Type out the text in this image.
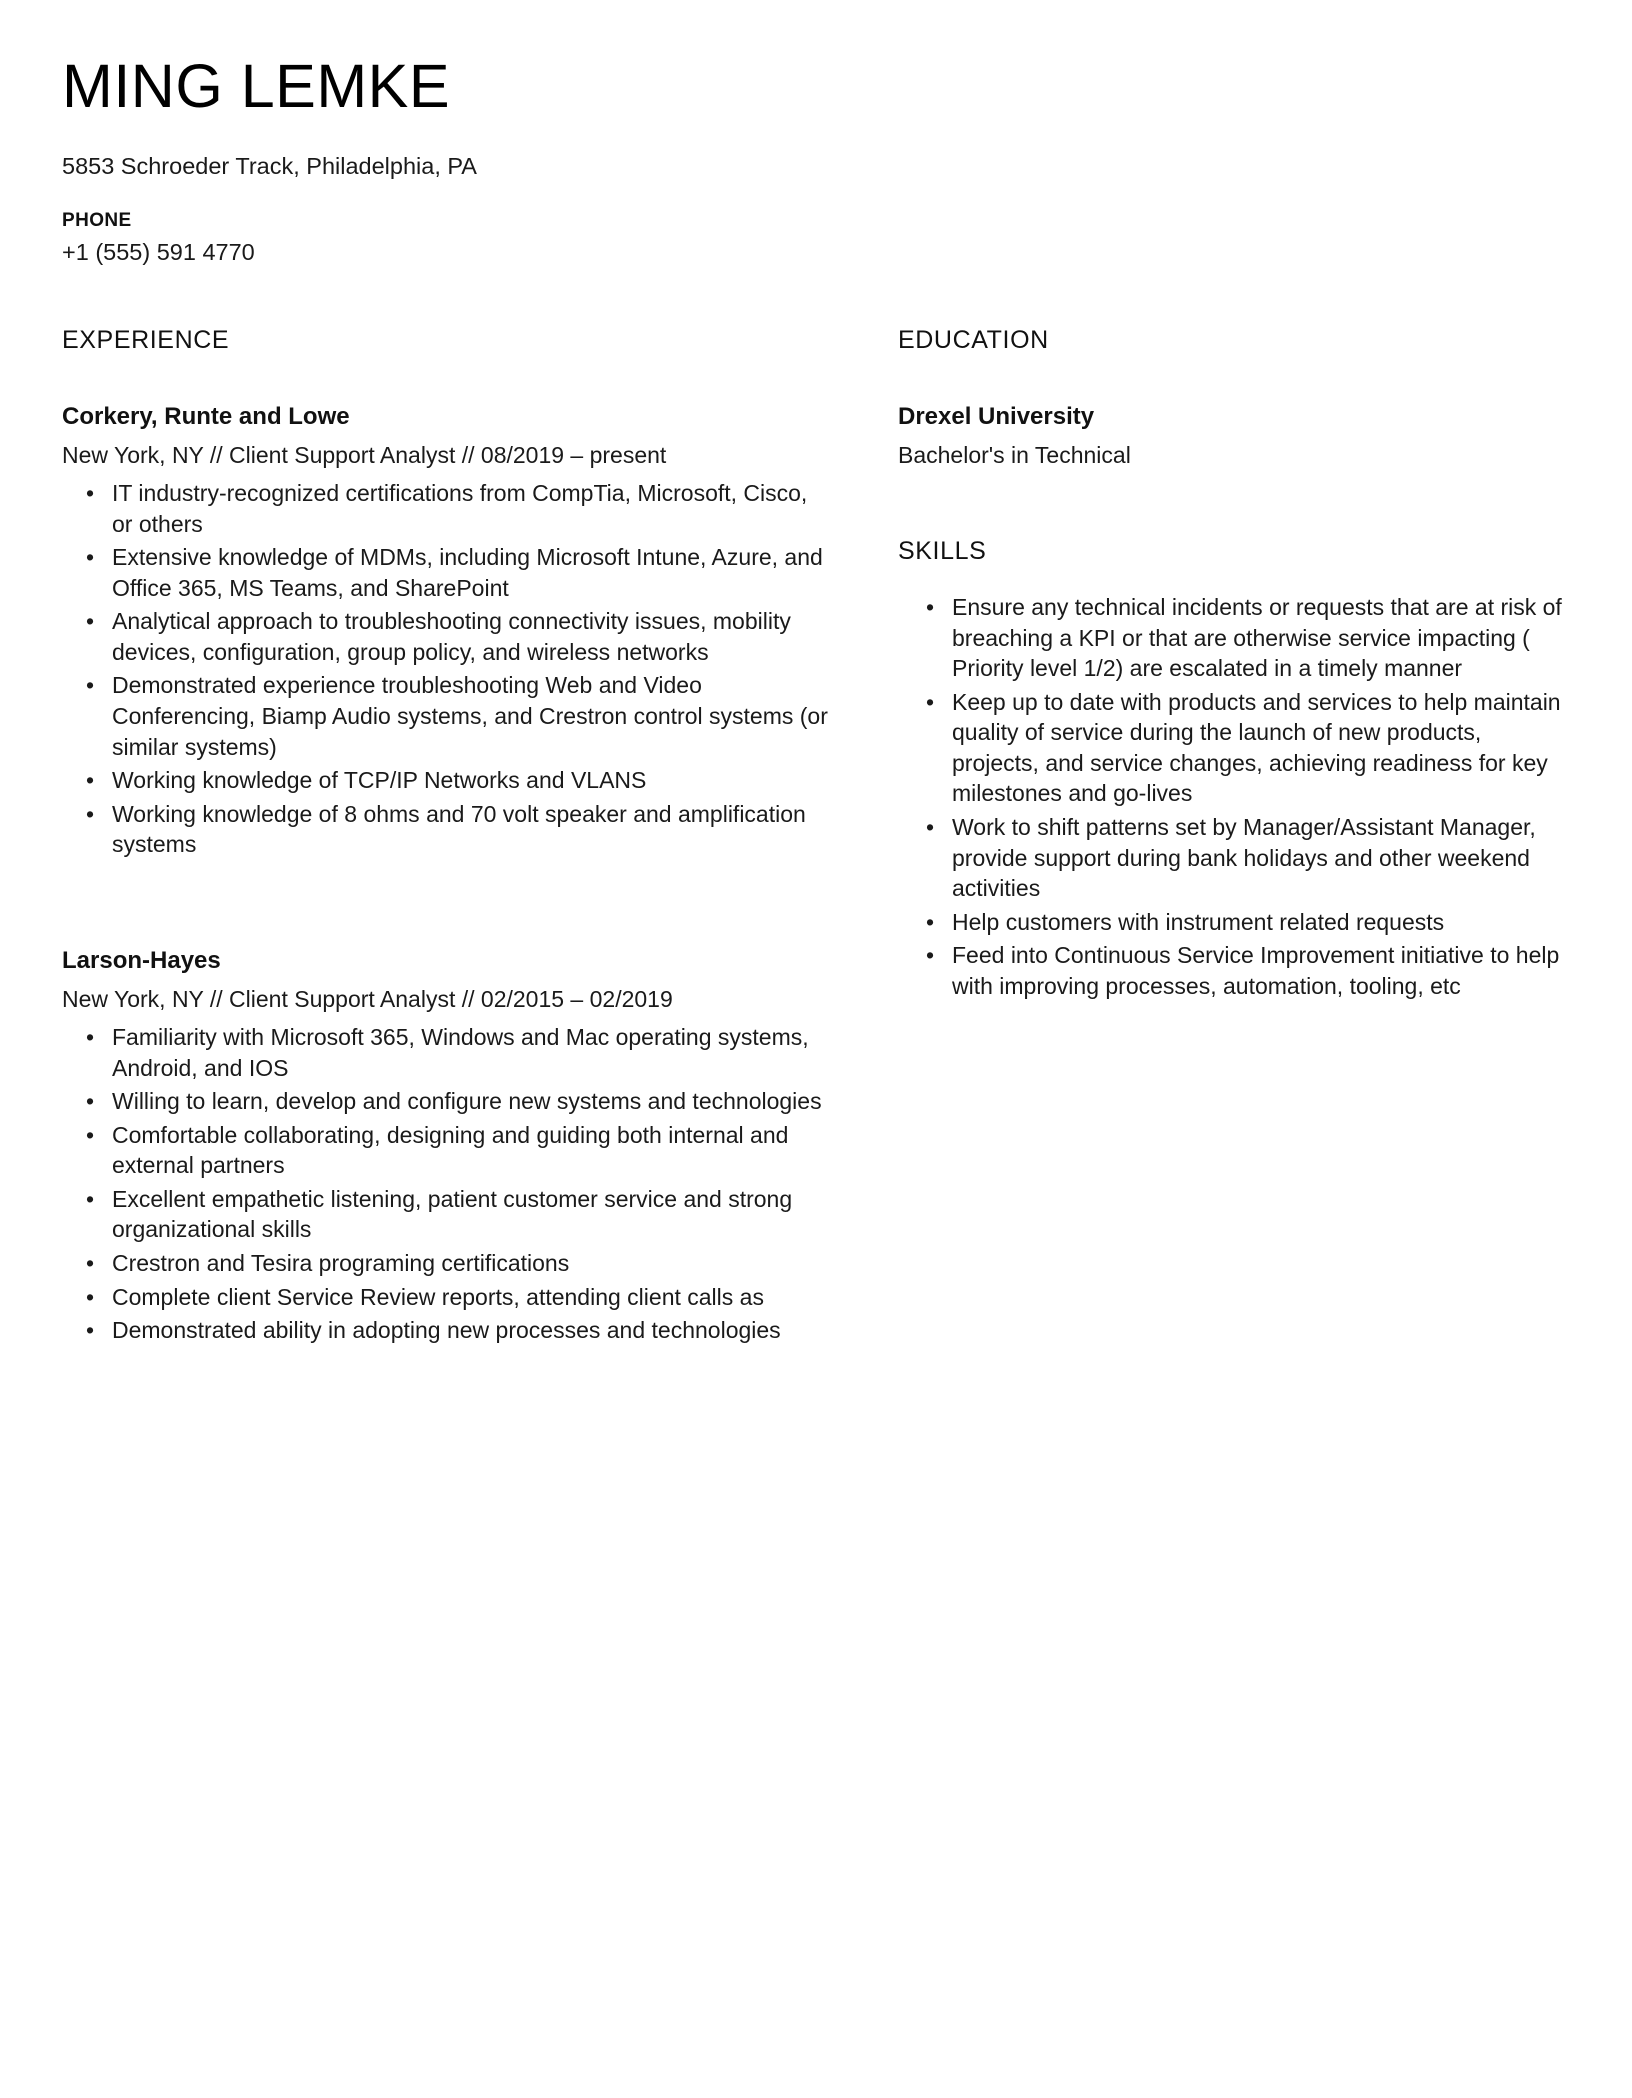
MING LEMKE
5853 Schroeder Track, Philadelphia, PA
PHONE
+1 (555) 591 4770
EXPERIENCE
Corkery, Runte and Lowe
New York, NY // Client Support Analyst // 08/2019 – present
• IT industry-recognized certifications from CompTia, Microsoft, Cisco, or others
• Extensive knowledge of MDMs, including Microsoft Intune, Azure, and Office 365, MS Teams, and SharePoint
• Analytical approach to troubleshooting connectivity issues, mobility devices, configuration, group policy, and wireless networks
• Demonstrated experience troubleshooting Web and Video Conferencing, Biamp Audio systems, and Crestron control systems (or similar systems)
• Working knowledge of TCP/IP Networks and VLANS
• Working knowledge of 8 ohms and 70 volt speaker and amplification systems
Larson-Hayes
New York, NY // Client Support Analyst // 02/2015 – 02/2019
• Familiarity with Microsoft 365, Windows and Mac operating systems, Android, and IOS
• Willing to learn, develop and configure new systems and technologies
• Comfortable collaborating, designing and guiding both internal and external partners
• Excellent empathetic listening, patient customer service and strong organizational skills
• Crestron and Tesira programing certifications
• Complete client Service Review reports, attending client calls as
• Demonstrated ability in adopting new processes and technologies
EDUCATION
Drexel University
Bachelor's in Technical
SKILLS
• Ensure any technical incidents or requests that are at risk of breaching a KPI or that are otherwise service impacting ( Priority level 1/2) are escalated in a timely manner
• Keep up to date with products and services to help maintain quality of service during the launch of new products, projects, and service changes, achieving readiness for key milestones and go-lives
• Work to shift patterns set by Manager/Assistant Manager, provide support during bank holidays and other weekend activities
• Help customers with instrument related requests
• Feed into Continuous Service Improvement initiative to help with improving processes, automation, tooling, etc
